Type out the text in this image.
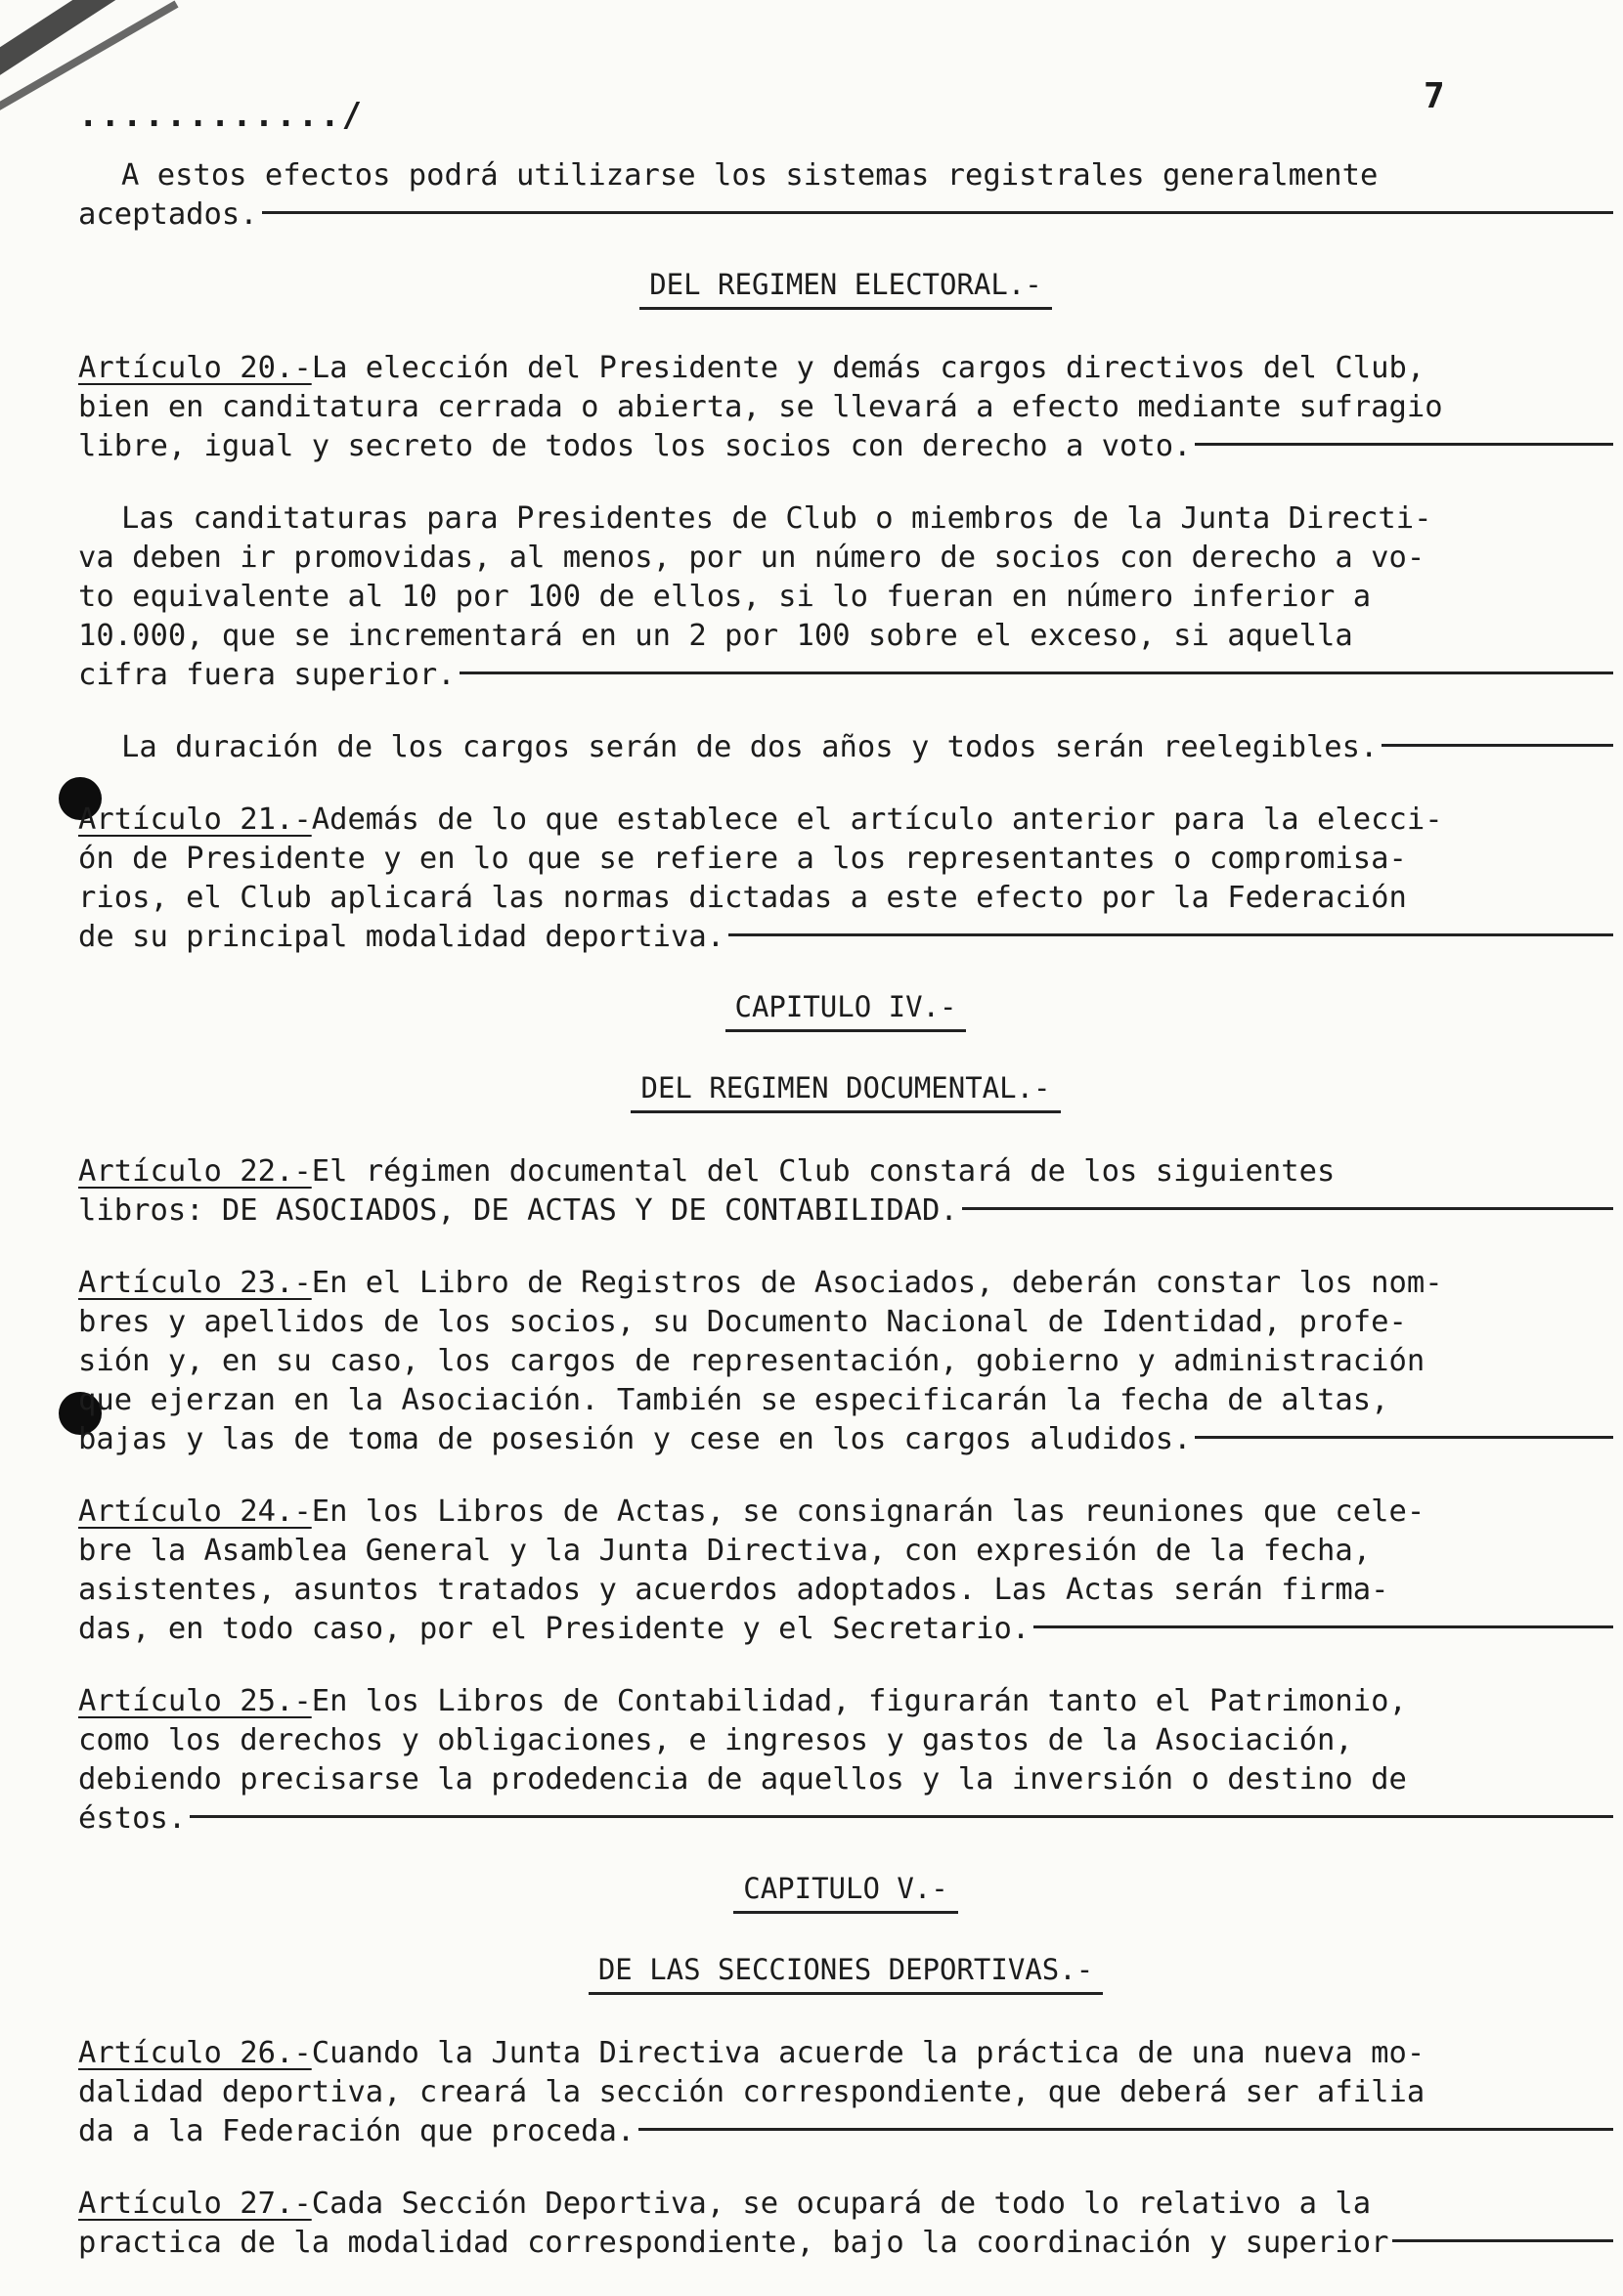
7
............/
A estos efectos podrá utilizarse los sistemas registrales generalmente
aceptados.
DEL REGIMEN ELECTORAL.-
Artículo 20.- La elección del Presidente y demás cargos directivos del Club,
bien en canditatura cerrada o abierta, se llevará a efecto mediante sufragio
libre, igual y secreto de todos los socios con derecho a voto.
Las canditaturas para Presidentes de Club o miembros de la Junta Directi-
va deben ir promovidas, al menos, por un número de socios con derecho a vo-
to equivalente al 10 por 100 de ellos, si lo fueran en número inferior a
10.000, que se incrementará en un 2 por 100 sobre el exceso, si aquella
cifra fuera superior.
La duración de los cargos serán de dos años y todos serán reelegibles.
Artículo 21.- Además de lo que establece el artículo anterior para la elecci-
ón de Presidente y en lo que se refiere a los representantes o compromisa-
rios, el Club aplicará las normas dictadas a este efecto por la Federación
de su principal modalidad deportiva.
CAPITULO IV.-
DEL REGIMEN DOCUMENTAL.-
Artículo 22.- El régimen documental del Club constará de los siguientes
libros: DE ASOCIADOS, DE ACTAS Y DE CONTABILIDAD.
Artículo 23.- En el Libro de Registros de Asociados, deberán constar los nom-
bres y apellidos de los socios, su Documento Nacional de Identidad, profe-
sión y, en su caso, los cargos de representación, gobierno y administración
que ejerzan en la Asociación. También se especificarán la fecha de altas,
bajas y las de toma de posesión y cese en los cargos aludidos.
Artículo 24.- En los Libros de Actas, se consignarán las reuniones que cele-
bre la Asamblea General y la Junta Directiva, con expresión de la fecha,
asistentes, asuntos tratados y acuerdos adoptados. Las Actas serán firma-
das, en todo caso, por el Presidente y el Secretario.
Artículo 25.- En los Libros de Contabilidad, figurarán tanto el Patrimonio,
como los derechos y obligaciones, e ingresos y gastos de la Asociación,
debiendo precisarse la prodedencia de aquellos y la inversión o destino de
éstos.
CAPITULO V.-
DE LAS SECCIONES DEPORTIVAS.-
Artículo 26.- Cuando la Junta Directiva acuerde la práctica de una nueva mo-
dalidad deportiva, creará la sección correspondiente, que deberá ser afilia
da a la Federación que proceda.
Artículo 27.- Cada Sección Deportiva, se ocupará de todo lo relativo a la
practica de la modalidad correspondiente, bajo la coordinación y superior
